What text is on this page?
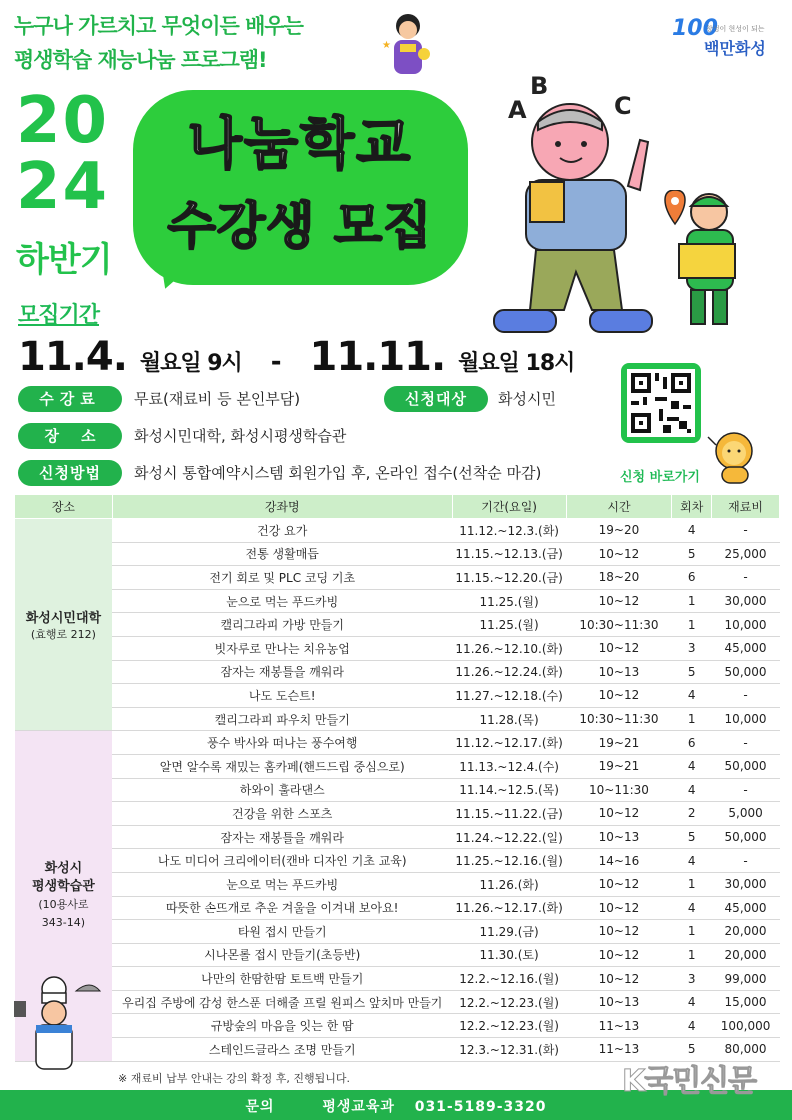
누구나 가르치고 무엇이든 배우는
평생학습 재능나눔 프로그램!
★
100
창성이 현성이 되는
백만화성
20
24
하반기
나눔학교
수강생 모집
A
B
C
모집기간
11.4. 월요일 9시 - 11.11. 월요일 18시
수강료	무료(재료비 등 본인부담)	신청대상	화성시민
장소	화성시민대학, 화성시평생학습관
신청방법	화성시 통합예약시스템 회원가입 후, 온라인 접수(선착순 마감)	신청 바로가기
장소	강좌명	기간(요일)	시간	회차	재료비
화성시민대학
(효행로 212)	건강 요가	11.12.~12.3.(화)	19~20	4	-
	전통 생활매듭	11.15.~12.13.(금)	10~12	5	25,000
	전기 회로 및 PLC 코딩 기초	11.15.~12.20.(금)	18~20	6	-
	눈으로 먹는 푸드카빙	11.25.(월)	10~12	1	30,000
	캘리그라피 가방 만들기	11.25.(월)	10:30~11:30	1	10,000
	빗자루로 만나는 치유농업	11.26.~12.10.(화)	10~12	3	45,000
	잠자는 재봉틀을 깨워라	11.26.~12.24.(화)	10~13	5	50,000
	나도 도슨트!	11.27.~12.18.(수)	10~12	4	-
	캘리그라피 파우치 만들기	11.28.(목)	10:30~11:30	1	10,000

화성시
평생학습관
(10용사로
343-14)	풍수 박사와 떠나는 풍수여행	11.12.~12.17.(화)	19~21	6	-
	알면 알수록 재밌는 홈카페(핸드드립 중심으로)	11.13.~12.4.(수)	19~21	4	50,000
	하와이 훌라댄스	11.14.~12.5.(목)	10~11:30	4	-
	건강을 위한 스포츠	11.15.~11.22.(금)	10~12	2	5,000
	잠자는 재봉틀을 깨워라	11.24.~12.22.(일)	10~13	5	50,000
	나도 미디어 크리에이터(캔바 디자인 기초 교육)	11.25.~12.16.(월)	14~16	4	-
	눈으로 먹는 푸드카빙	11.26.(화)	10~12	1	30,000
	따뜻한 손뜨개로 추운 겨울을 이겨내 보아요!	11.26.~12.17.(화)	10~12	4	45,000
	타원 접시 만들기	11.29.(금)	10~12	1	20,000
	시나몬롤 접시 만들기(초등반)	11.30.(토)	10~12	1	20,000
	나만의 한땀한땀 토트백 만들기	12.2.~12.16.(월)	10~12	3	99,000
	우리집 주방에 감성 한스푼 더해줄 프릴 원피스 앞치마 만들기	12.2.~12.23.(월)	10~13	4	15,000
	규방숲의 마음을 잇는 한 땀	12.2.~12.23.(월)	11~13	4	100,000
	스테인드글라스 조명 만들기	12.3.~12.31.(화)	11~13	5	80,000
※ 재료비 납부 안내는 강의 확정 후, 진행됩니다.
문의	평생교육과 031-5189-3320
K국민신문
